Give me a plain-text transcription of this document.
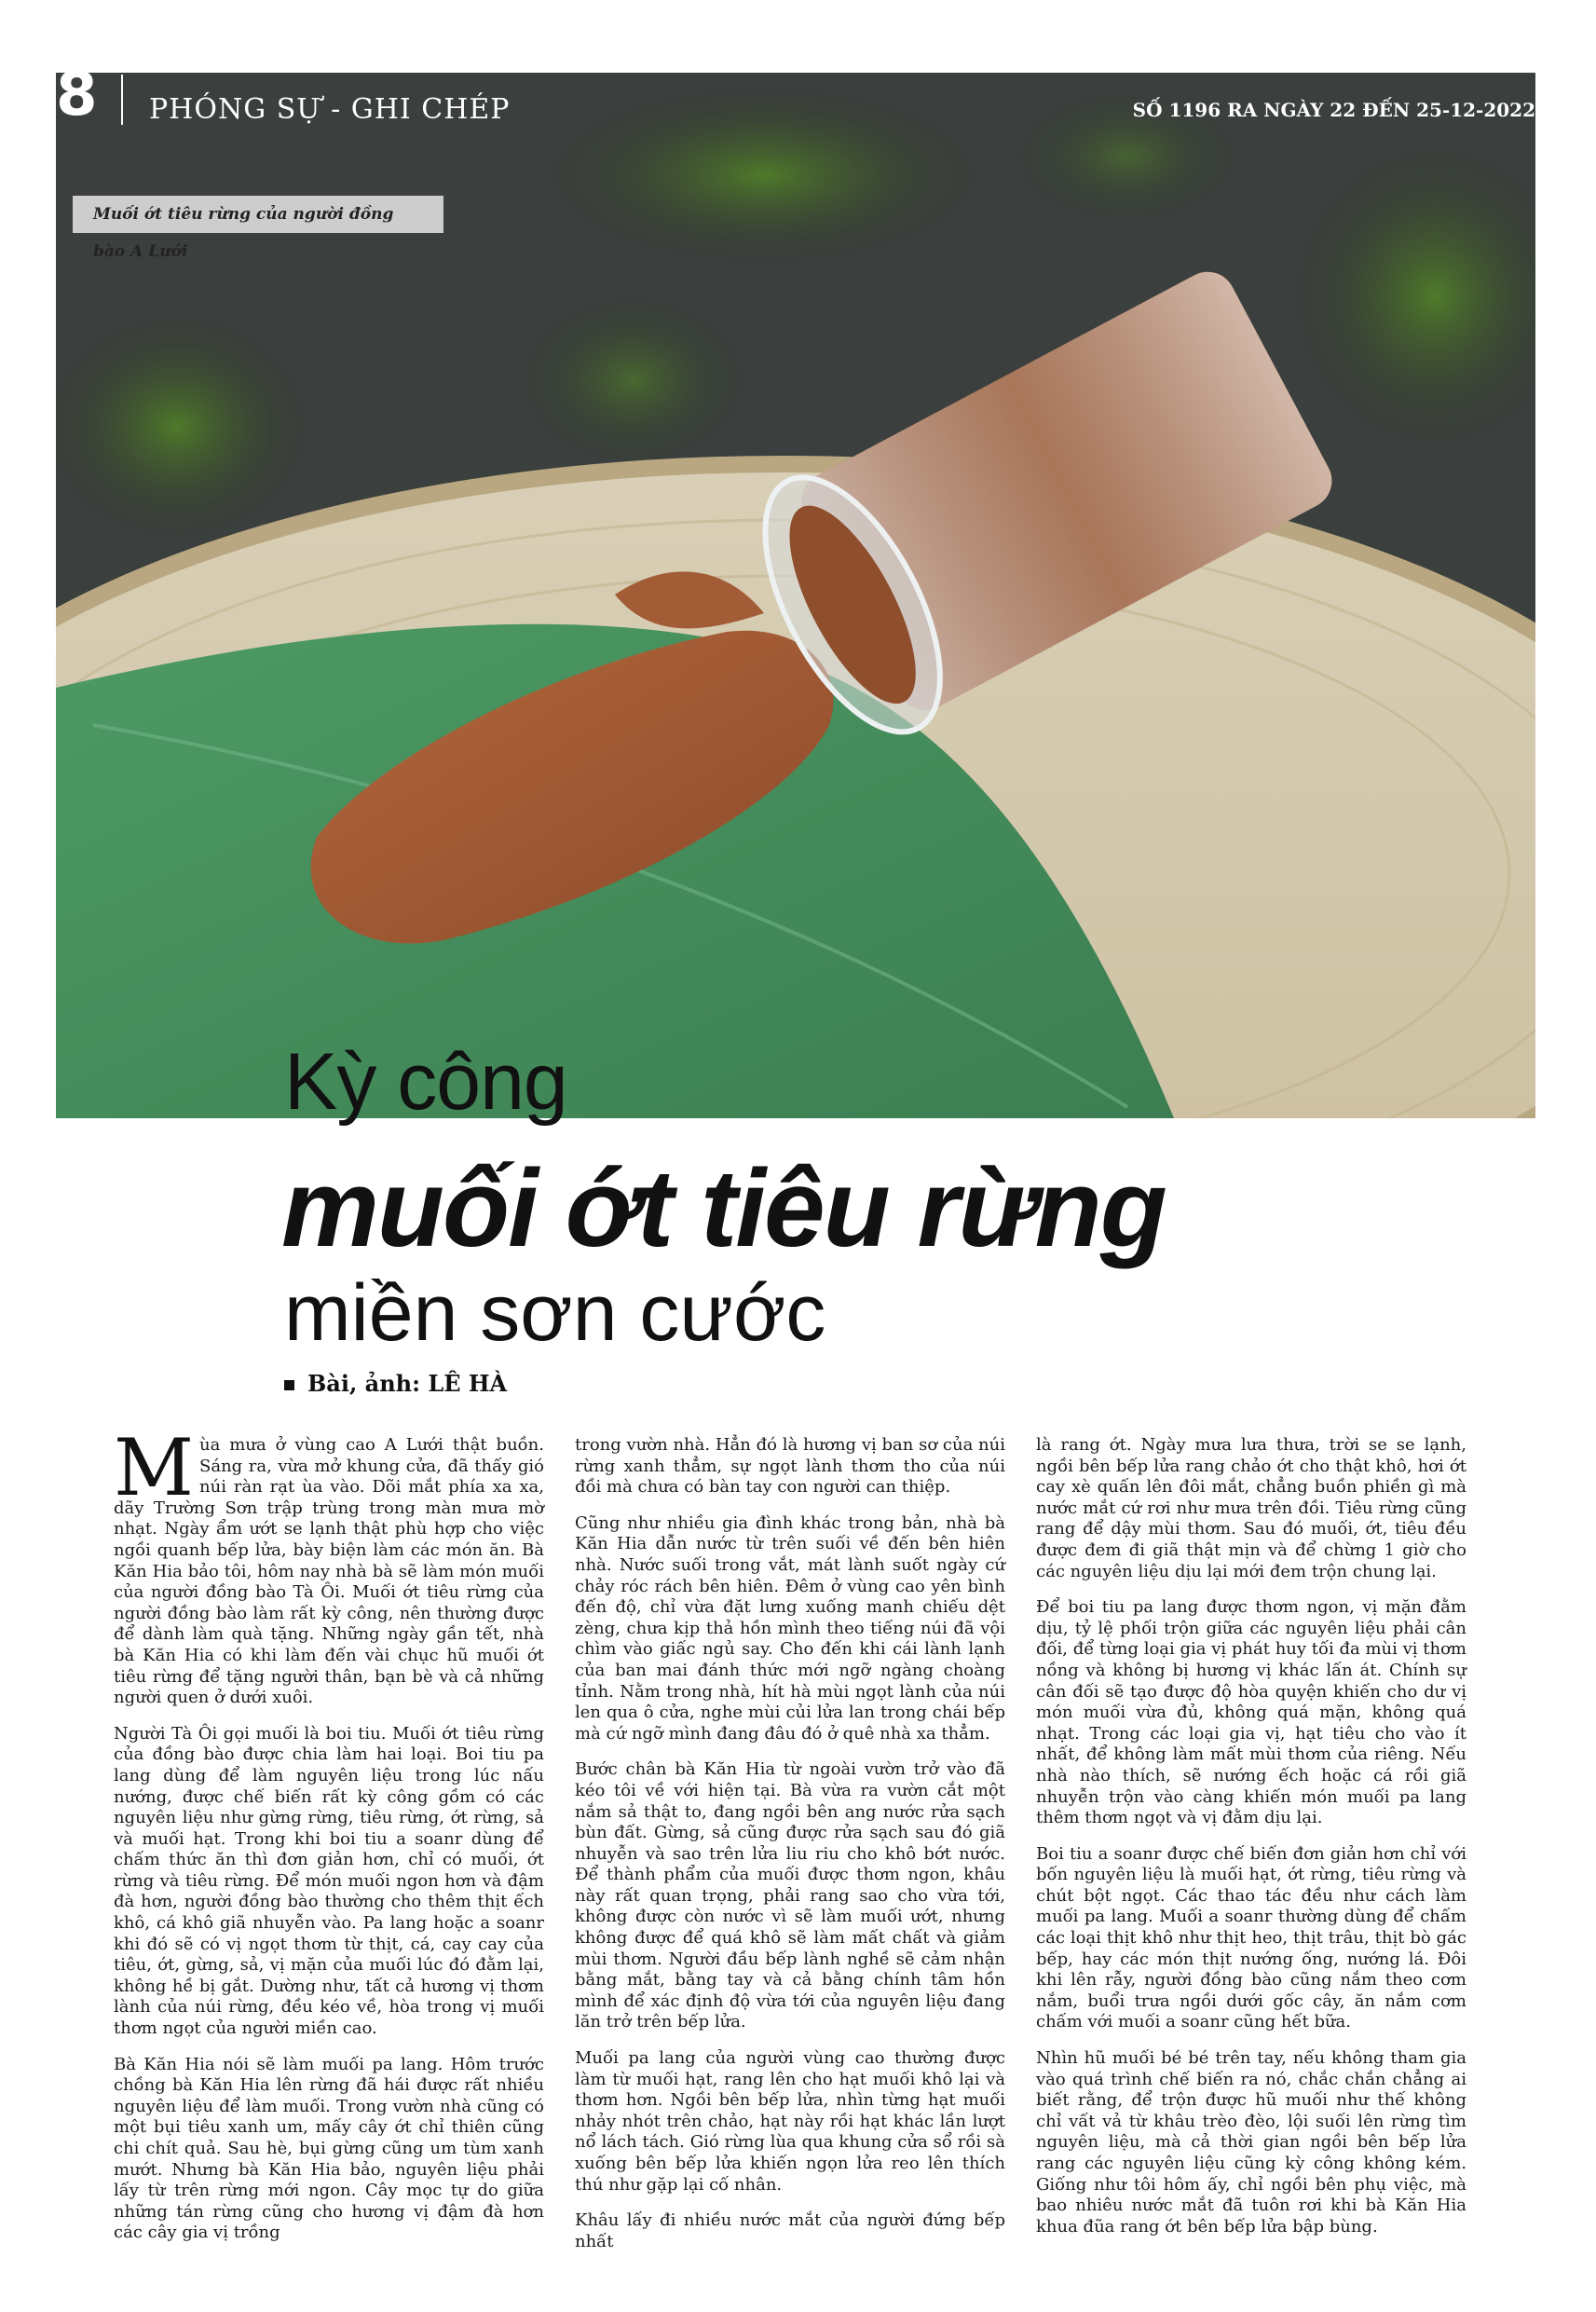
8 PHÓNG SỰ - GHI CHÉP	SỐ 1196 RA NGÀY 22 ĐẾN 25-12-2022
Muối ớt tiêu rừng của người đồng bào A Lưới
Kỳ công
muối ớt tiêu rừng
miền sơn cước
Bài, ảnh: LÊ HÀ

Mùa mưa ở vùng cao A Lưới thật buồn. Sáng ra, vừa mở khung cửa, đã thấy gió núi ràn rạt ùa vào. Dõi mắt phía xa xa, dãy Trường Sơn trập trùng trong màn mưa mờ nhạt. Ngày ẩm ướt se lạnh thật phù hợp cho việc ngồi quanh bếp lửa, bày biện làm các món ăn. Bà Kăn Hia bảo tôi, hôm nay nhà bà sẽ làm món muối của người đồng bào Tà Ôi. Muối ớt tiêu rừng của người đồng bào làm rất kỳ công, nên thường được để dành làm quà tặng. Những ngày gần tết, nhà bà Kăn Hia có khi làm đến vài chục hũ muối ớt tiêu rừng để tặng người thân, bạn bè và cả những người quen ở dưới xuôi.

Người Tà Ôi gọi muối là boi tiu. Muối ớt tiêu rừng của đồng bào được chia làm hai loại. Boi tiu pa lang dùng để làm nguyên liệu trong lúc nấu nướng, được chế biến rất kỳ công gồm có các nguyên liệu như gừng rừng, tiêu rừng, ớt rừng, sả và muối hạt. Trong khi boi tiu a soanr dùng để chấm thức ăn thì đơn giản hơn, chỉ có muối, ớt rừng và tiêu rừng. Để món muối ngon hơn và đậm đà hơn, người đồng bào thường cho thêm thịt ếch khô, cá khô giã nhuyễn vào. Pa lang hoặc a soanr khi đó sẽ có vị ngọt thơm từ thịt, cá, cay cay của tiêu, ớt, gừng, sả, vị mặn của muối lúc đó đằm lại, không hề bị gắt. Dường như, tất cả hương vị thơm lành của núi rừng, đều kéo về, hòa trong vị muối thơm ngọt của người miền cao.

Bà Kăn Hia nói sẽ làm muối pa lang. Hôm trước chồng bà Kăn Hia lên rừng đã hái được rất nhiều nguyên liệu để làm muối. Trong vườn nhà cũng có một bụi tiêu xanh um, mấy cây ớt chỉ thiên cũng chi chít quả. Sau hè, bụi gừng cũng um tùm xanh mướt. Nhưng bà Kăn Hia bảo, nguyên liệu phải lấy từ trên rừng mới ngon. Cây mọc tự do giữa những tán rừng cũng cho hương vị đậm đà hơn các cây gia vị trồng

trong vườn nhà. Hẳn đó là hương vị ban sơ của núi rừng xanh thẳm, sự ngọt lành thơm tho của núi đồi mà chưa có bàn tay con người can thiệp.

Cũng như nhiều gia đình khác trong bản, nhà bà Kăn Hia dẫn nước từ trên suối về đến bên hiên nhà. Nước suối trong vắt, mát lành suốt ngày cứ chảy róc rách bên hiên. Đêm ở vùng cao yên bình đến độ, chỉ vừa đặt lưng xuống manh chiếu dệt zèng, chưa kịp thả hồn mình theo tiếng núi đã vội chìm vào giấc ngủ say. Cho đến khi cái lành lạnh của ban mai đánh thức mới ngỡ ngàng choàng tỉnh. Nằm trong nhà, hít hà mùi ngọt lành của núi len qua ô cửa, nghe mùi củi lửa lan trong chái bếp mà cứ ngỡ mình đang đâu đó ở quê nhà xa thẳm.

Bước chân bà Kăn Hia từ ngoài vườn trở vào đã kéo tôi về với hiện tại. Bà vừa ra vườn cắt một nắm sả thật to, đang ngồi bên ang nước rửa sạch bùn đất. Gừng, sả cũng được rửa sạch sau đó giã nhuyễn và sao trên lửa liu riu cho khô bớt nước. Để thành phẩm của muối được thơm ngon, khâu này rất quan trọng, phải rang sao cho vừa tới, không được còn nước vì sẽ làm muối ướt, nhưng không được để quá khô sẽ làm mất chất và giảm mùi thơm. Người đầu bếp lành nghề sẽ cảm nhận bằng mắt, bằng tay và cả bằng chính tâm hồn mình để xác định độ vừa tới của nguyên liệu đang lăn trở trên bếp lửa.

Muối pa lang của người vùng cao thường được làm từ muối hạt, rang lên cho hạt muối khô lại và thơm hơn. Ngồi bên bếp lửa, nhìn từng hạt muối nhảy nhót trên chảo, hạt này rồi hạt khác lần lượt nổ lách tách. Gió rừng lùa qua khung cửa sổ rồi sà xuống bên bếp lửa khiến ngọn lửa reo lên thích thú như gặp lại cố nhân.

Khâu lấy đi nhiều nước mắt của người đứng bếp nhất

là rang ớt. Ngày mưa lưa thưa, trời se se lạnh, ngồi bên bếp lửa rang chảo ớt cho thật khô, hơi ớt cay xè quấn lên đôi mắt, chẳng buồn phiền gì mà nước mắt cứ rơi như mưa trên đồi. Tiêu rừng cũng rang để dậy mùi thơm. Sau đó muối, ớt, tiêu đều được đem đi giã thật mịn và để chừng 1 giờ cho các nguyên liệu dịu lại mới đem trộn chung lại.

Để boi tiu pa lang được thơm ngon, vị mặn đằm dịu, tỷ lệ phối trộn giữa các nguyên liệu phải cân đối, để từng loại gia vị phát huy tối đa mùi vị thơm nồng và không bị hương vị khác lấn át. Chính sự cân đối sẽ tạo được độ hòa quyện khiến cho dư vị món muối vừa đủ, không quá mặn, không quá nhạt. Trong các loại gia vị, hạt tiêu cho vào ít nhất, để không làm mất mùi thơm của riêng. Nếu nhà nào thích, sẽ nướng ếch hoặc cá rồi giã nhuyễn trộn vào càng khiến món muối pa lang thêm thơm ngọt và vị đằm dịu lại.

Boi tiu a soanr được chế biến đơn giản hơn chỉ với bốn nguyên liệu là muối hạt, ớt rừng, tiêu rừng và chút bột ngọt. Các thao tác đều như cách làm muối pa lang. Muối a soanr thường dùng để chấm các loại thịt khô như thịt heo, thịt trâu, thịt bò gác bếp, hay các món thịt nướng ống, nướng lá. Đôi khi lên rẫy, người đồng bào cũng nắm theo cơm nắm, buổi trưa ngồi dưới gốc cây, ăn nắm cơm chấm với muối a soanr cũng hết bữa.

Nhìn hũ muối bé bé trên tay, nếu không tham gia vào quá trình chế biến ra nó, chắc chắn chẳng ai biết rằng, để trộn được hũ muối như thế không chỉ vất vả từ khâu trèo đèo, lội suối lên rừng tìm nguyên liệu, mà cả thời gian ngồi bên bếp lửa rang các nguyên liệu cũng kỳ công không kém. Giống như tôi hôm ấy, chỉ ngồi bên phụ việc, mà bao nhiêu nước mắt đã tuôn rơi khi bà Kăn Hia khua đũa rang ớt bên bếp lửa bập bùng.
